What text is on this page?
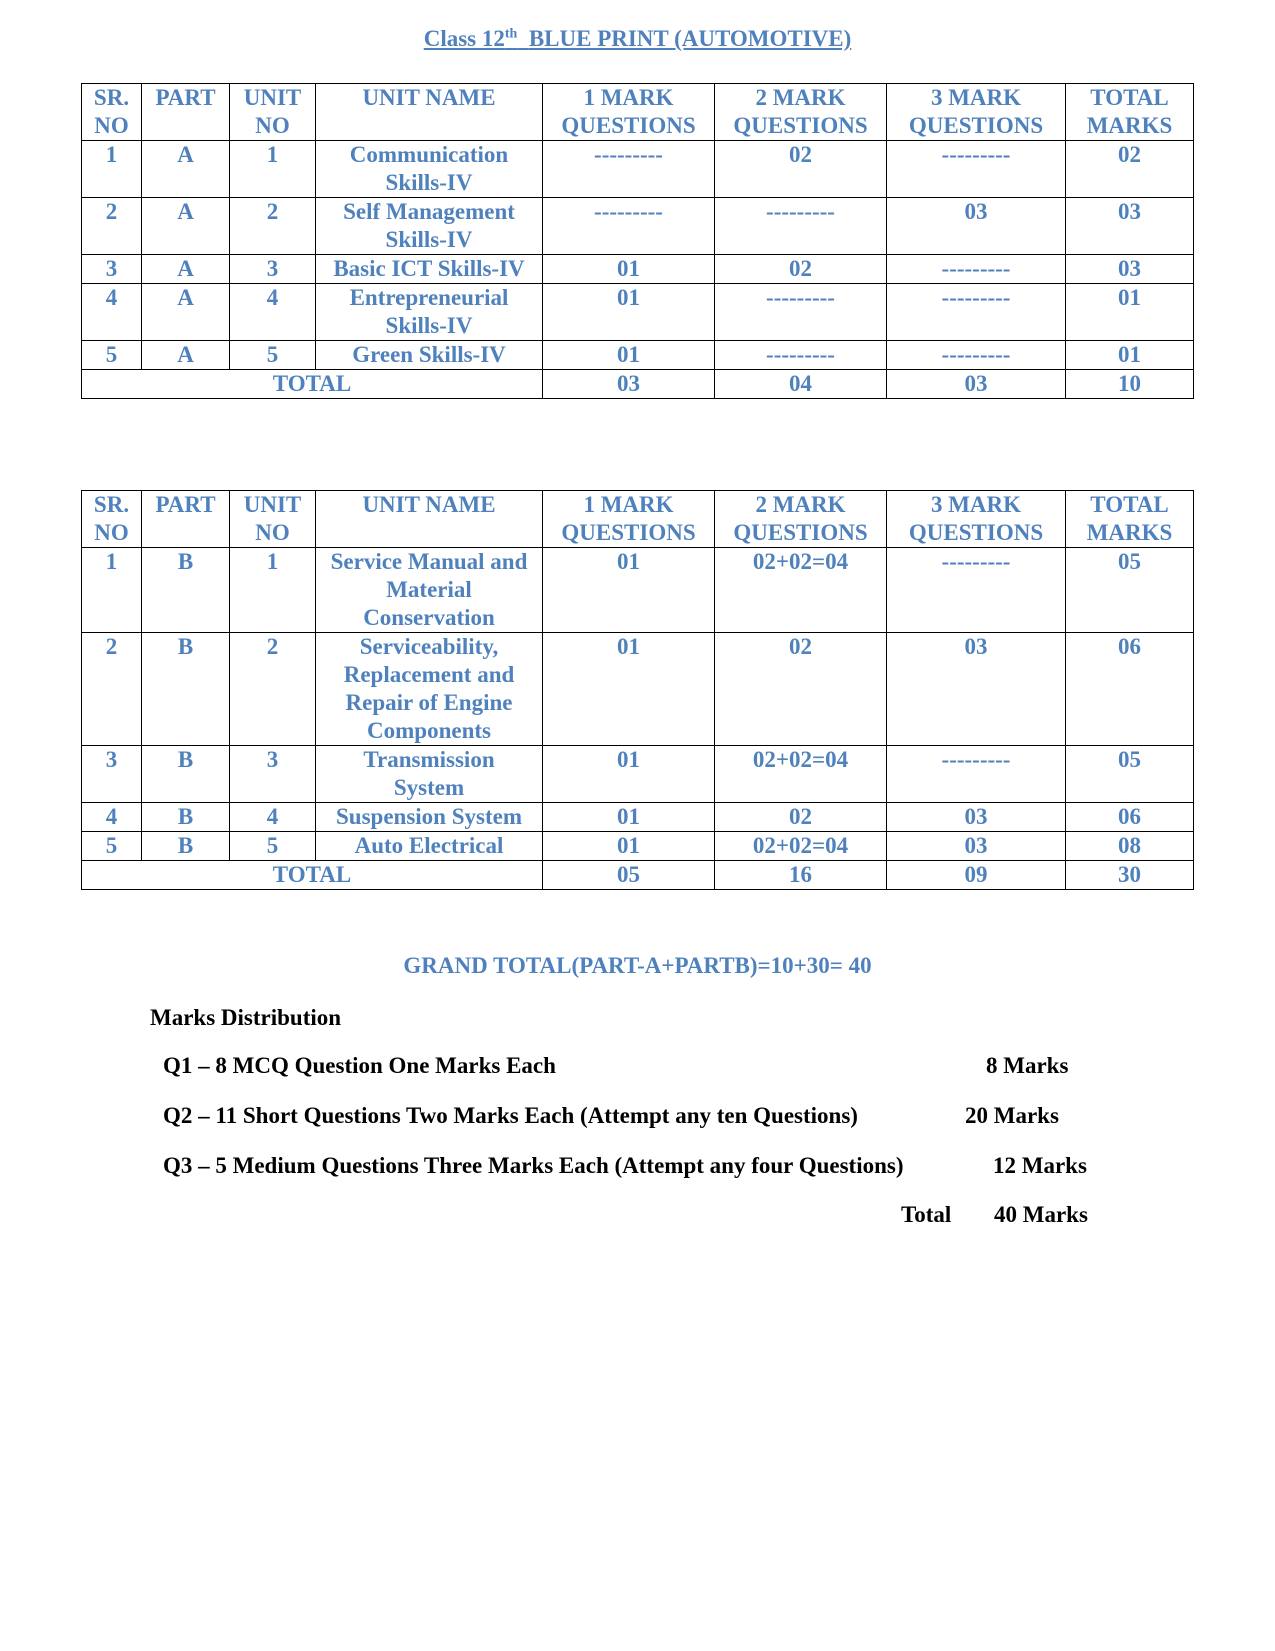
Class 12th BLUE PRINT (AUTOMOTIVE)
SR. NO	PART	UNIT NO	UNIT NAME	1 MARK QUESTIONS	2 MARK QUESTIONS	3 MARK QUESTIONS	TOTAL MARKS
1	A	1	Communication Skills-IV	---------	02	---------	02
2	A	2	Self Management Skills-IV	---------	---------	03	03
3	A	3	Basic ICT Skills-IV	01	02	---------	03
4	A	4	Entrepreneurial Skills-IV	01	---------	---------	01
5	A	5	Green Skills-IV	01	---------	---------	01
TOTAL				03	04	03	10
SR. NO	PART	UNIT NO	UNIT NAME	1 MARK QUESTIONS	2 MARK QUESTIONS	3 MARK QUESTIONS	TOTAL MARKS
1	B	1	Service Manual and Material Conservation	01	02+02=04	---------	05
2	B	2	Serviceability, Replacement and Repair of Engine Components	01	02	03	06
3	B	3	Transmission System	01	02+02=04	---------	05
4	B	4	Suspension System	01	02	03	06
5	B	5	Auto Electrical	01	02+02=04	03	08
TOTAL				05	16	09	30
GRAND TOTAL(PART-A+PARTB)=10+30= 40
Marks Distribution
Q1 – 8 MCQ Question One Marks Each	8 Marks
Q2 – 11 Short Questions Two Marks Each (Attempt any ten Questions)	20 Marks
Q3 – 5 Medium Questions Three Marks Each (Attempt any four Questions)	12 Marks
Total 40 Marks
